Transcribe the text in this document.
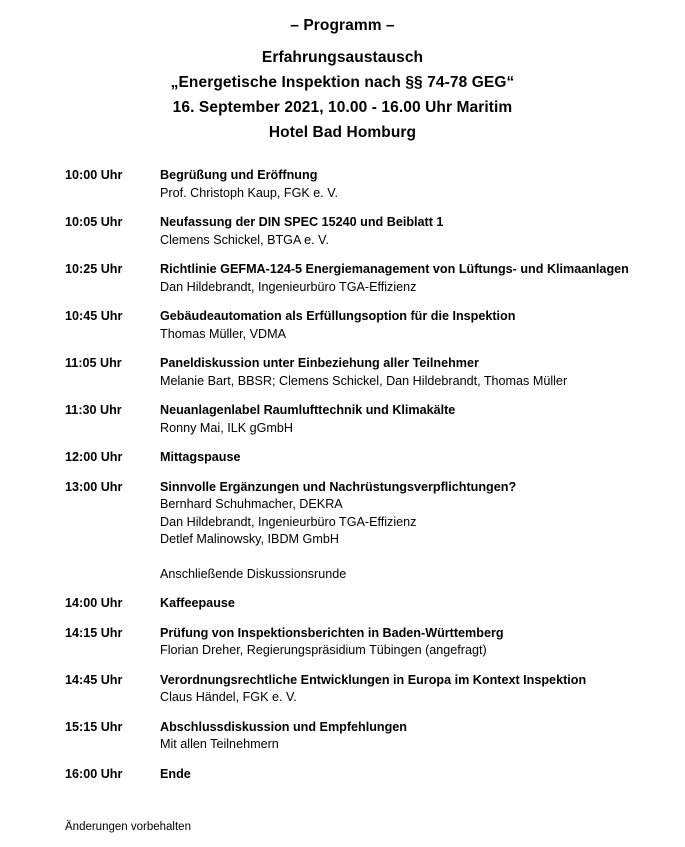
– Programm –
Erfahrungsaustausch
„Energetische Inspektion nach §§ 74-78 GEG“
16. September 2021, 10.00 - 16.00 Uhr Maritim
Hotel Bad Homburg
10:00 Uhr	Begrüßung und Eröffnung
Prof. Christoph Kaup, FGK e. V.
10:05 Uhr	Neufassung der DIN SPEC 15240 und Beiblatt 1
Clemens Schickel, BTGA e. V.
10:25 Uhr	Richtlinie GEFMA-124-5 Energiemanagement von Lüftungs- und Klimaanlagen
Dan Hildebrandt, Ingenieurbüro TGA-Effizienz
10:45 Uhr	Gebäudeautomation als Erfüllungsoption für die Inspektion
Thomas Müller, VDMA
11:05 Uhr	Paneldiskussion unter Einbeziehung aller Teilnehmer
Melanie Bart, BBSR; Clemens Schickel, Dan Hildebrandt, Thomas Müller
11:30 Uhr	Neuanlagenlabel Raumlufttechnik und Klimakälte
Ronny Mai, ILK gGmbH
12:00 Uhr	Mittagspause
13:00 Uhr	Sinnvolle Ergänzungen und Nachrüstungsverpflichtungen?
Bernhard Schuhmacher, DEKRA
Dan Hildebrandt, Ingenieurbüro TGA-Effizienz
Detlef Malinowsky, IBDM GmbH
Anschließende Diskussionsrunde
14:00 Uhr	Kaffeepause
14:15 Uhr	Prüfung von Inspektionsberichten in Baden-Württemberg
Florian Dreher, Regierungspräsidium Tübingen (angefragt)
14:45 Uhr	Verordnungsrechtliche Entwicklungen in Europa im Kontext Inspektion
Claus Händel, FGK e. V.
15:15 Uhr	Abschlussdiskussion und Empfehlungen
Mit allen Teilnehmern
16:00 Uhr	Ende
Änderungen vorbehalten
